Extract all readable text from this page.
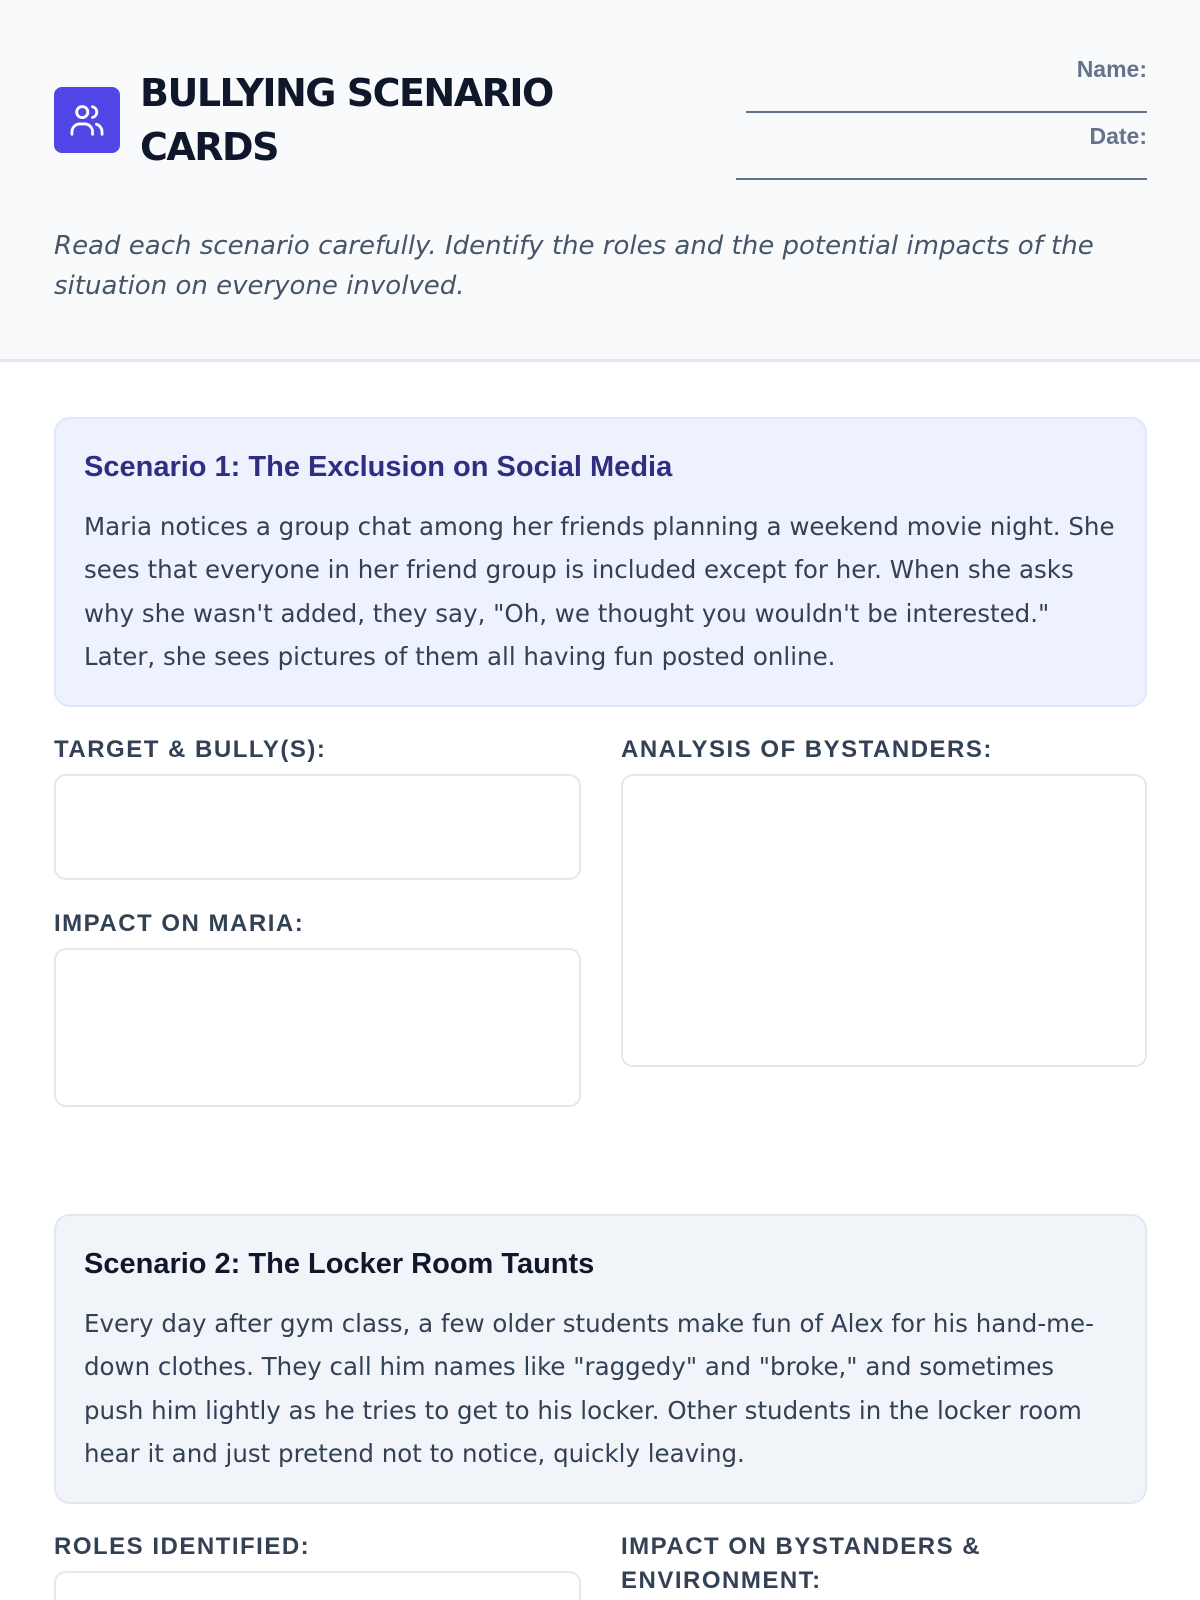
BULLYING SCENARIO CARDS
Name:
Date:
Read each scenario carefully. Identify the roles and the potential impacts of the situation on everyone involved.
Scenario 1: The Exclusion on Social Media
Maria notices a group chat among her friends planning a weekend movie night. She sees that everyone in her friend group is included except for her. When she asks why she wasn't added, they say, "Oh, we thought you wouldn't be interested." Later, she sees pictures of them all having fun posted online.
TARGET & BULLY(S):
IMPACT ON MARIA:
ANALYSIS OF BYSTANDERS:
Scenario 2: The Locker Room Taunts
Every day after gym class, a few older students make fun of Alex for his hand-me-down clothes. They call him names like "raggedy" and "broke," and sometimes push him lightly as he tries to get to his locker. Other students in the locker room hear it and just pretend not to notice, quickly leaving.
ROLES IDENTIFIED:	IMPACT ON BYSTANDERS & ENVIRONMENT:
